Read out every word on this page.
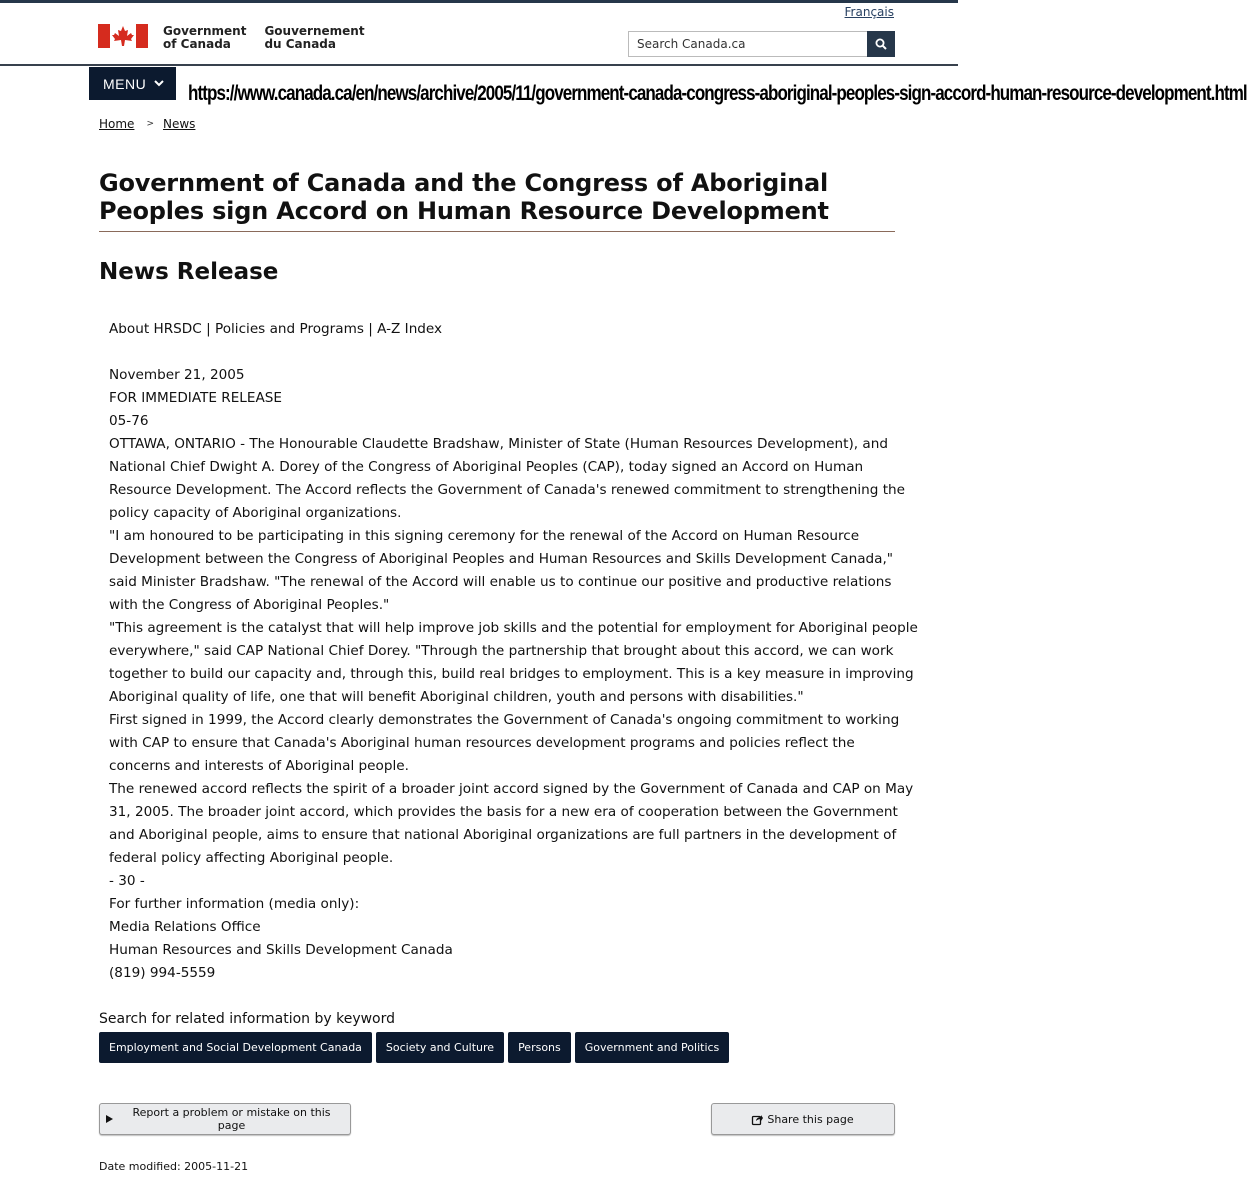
Français
Government
of Canada
Gouvernement
du Canada
Search Canada.ca
MENU https://www.canada.ca/en/news/archive/2005/11/government-canada-congress-aboriginal-peoples-sign-accord-human-resource-development.html
Home > News
Government of Canada and the Congress of Aboriginal Peoples sign Accord on Human Resource Development
News Release
About HRSDC | Policies and Programs | A-Z Index
November 21, 2005
FOR IMMEDIATE RELEASE
05-76
OTTAWA, ONTARIO - The Honourable Claudette Bradshaw, Minister of State (Human Resources Development), and
National Chief Dwight A. Dorey of the Congress of Aboriginal Peoples (CAP), today signed an Accord on Human
Resource Development. The Accord reflects the Government of Canada's renewed commitment to strengthening the
policy capacity of Aboriginal organizations.
"I am honoured to be participating in this signing ceremony for the renewal of the Accord on Human Resource
Development between the Congress of Aboriginal Peoples and Human Resources and Skills Development Canada,"
said Minister Bradshaw. "The renewal of the Accord will enable us to continue our positive and productive relations
with the Congress of Aboriginal Peoples."
"This agreement is the catalyst that will help improve job skills and the potential for employment for Aboriginal people
everywhere," said CAP National Chief Dorey. "Through the partnership that brought about this accord, we can work
together to build our capacity and, through this, build real bridges to employment. This is a key measure in improving
Aboriginal quality of life, one that will benefit Aboriginal children, youth and persons with disabilities."
First signed in 1999, the Accord clearly demonstrates the Government of Canada's ongoing commitment to working
with CAP to ensure that Canada's Aboriginal human resources development programs and policies reflect the
concerns and interests of Aboriginal people.
The renewed accord reflects the spirit of a broader joint accord signed by the Government of Canada and CAP on May
31, 2005. The broader joint accord, which provides the basis for a new era of cooperation between the Government
and Aboriginal people, aims to ensure that national Aboriginal organizations are full partners in the development of
federal policy affecting Aboriginal people.
- 30 -
For further information (media only):
Media Relations Office
Human Resources and Skills Development Canada
(819) 994-5559
Search for related information by keyword
Employment and Social Development Canada	Society and Culture	Persons	Government and Politics
Report a problem or mistake on this page	Share this page
Date modified: 2005-11-21
